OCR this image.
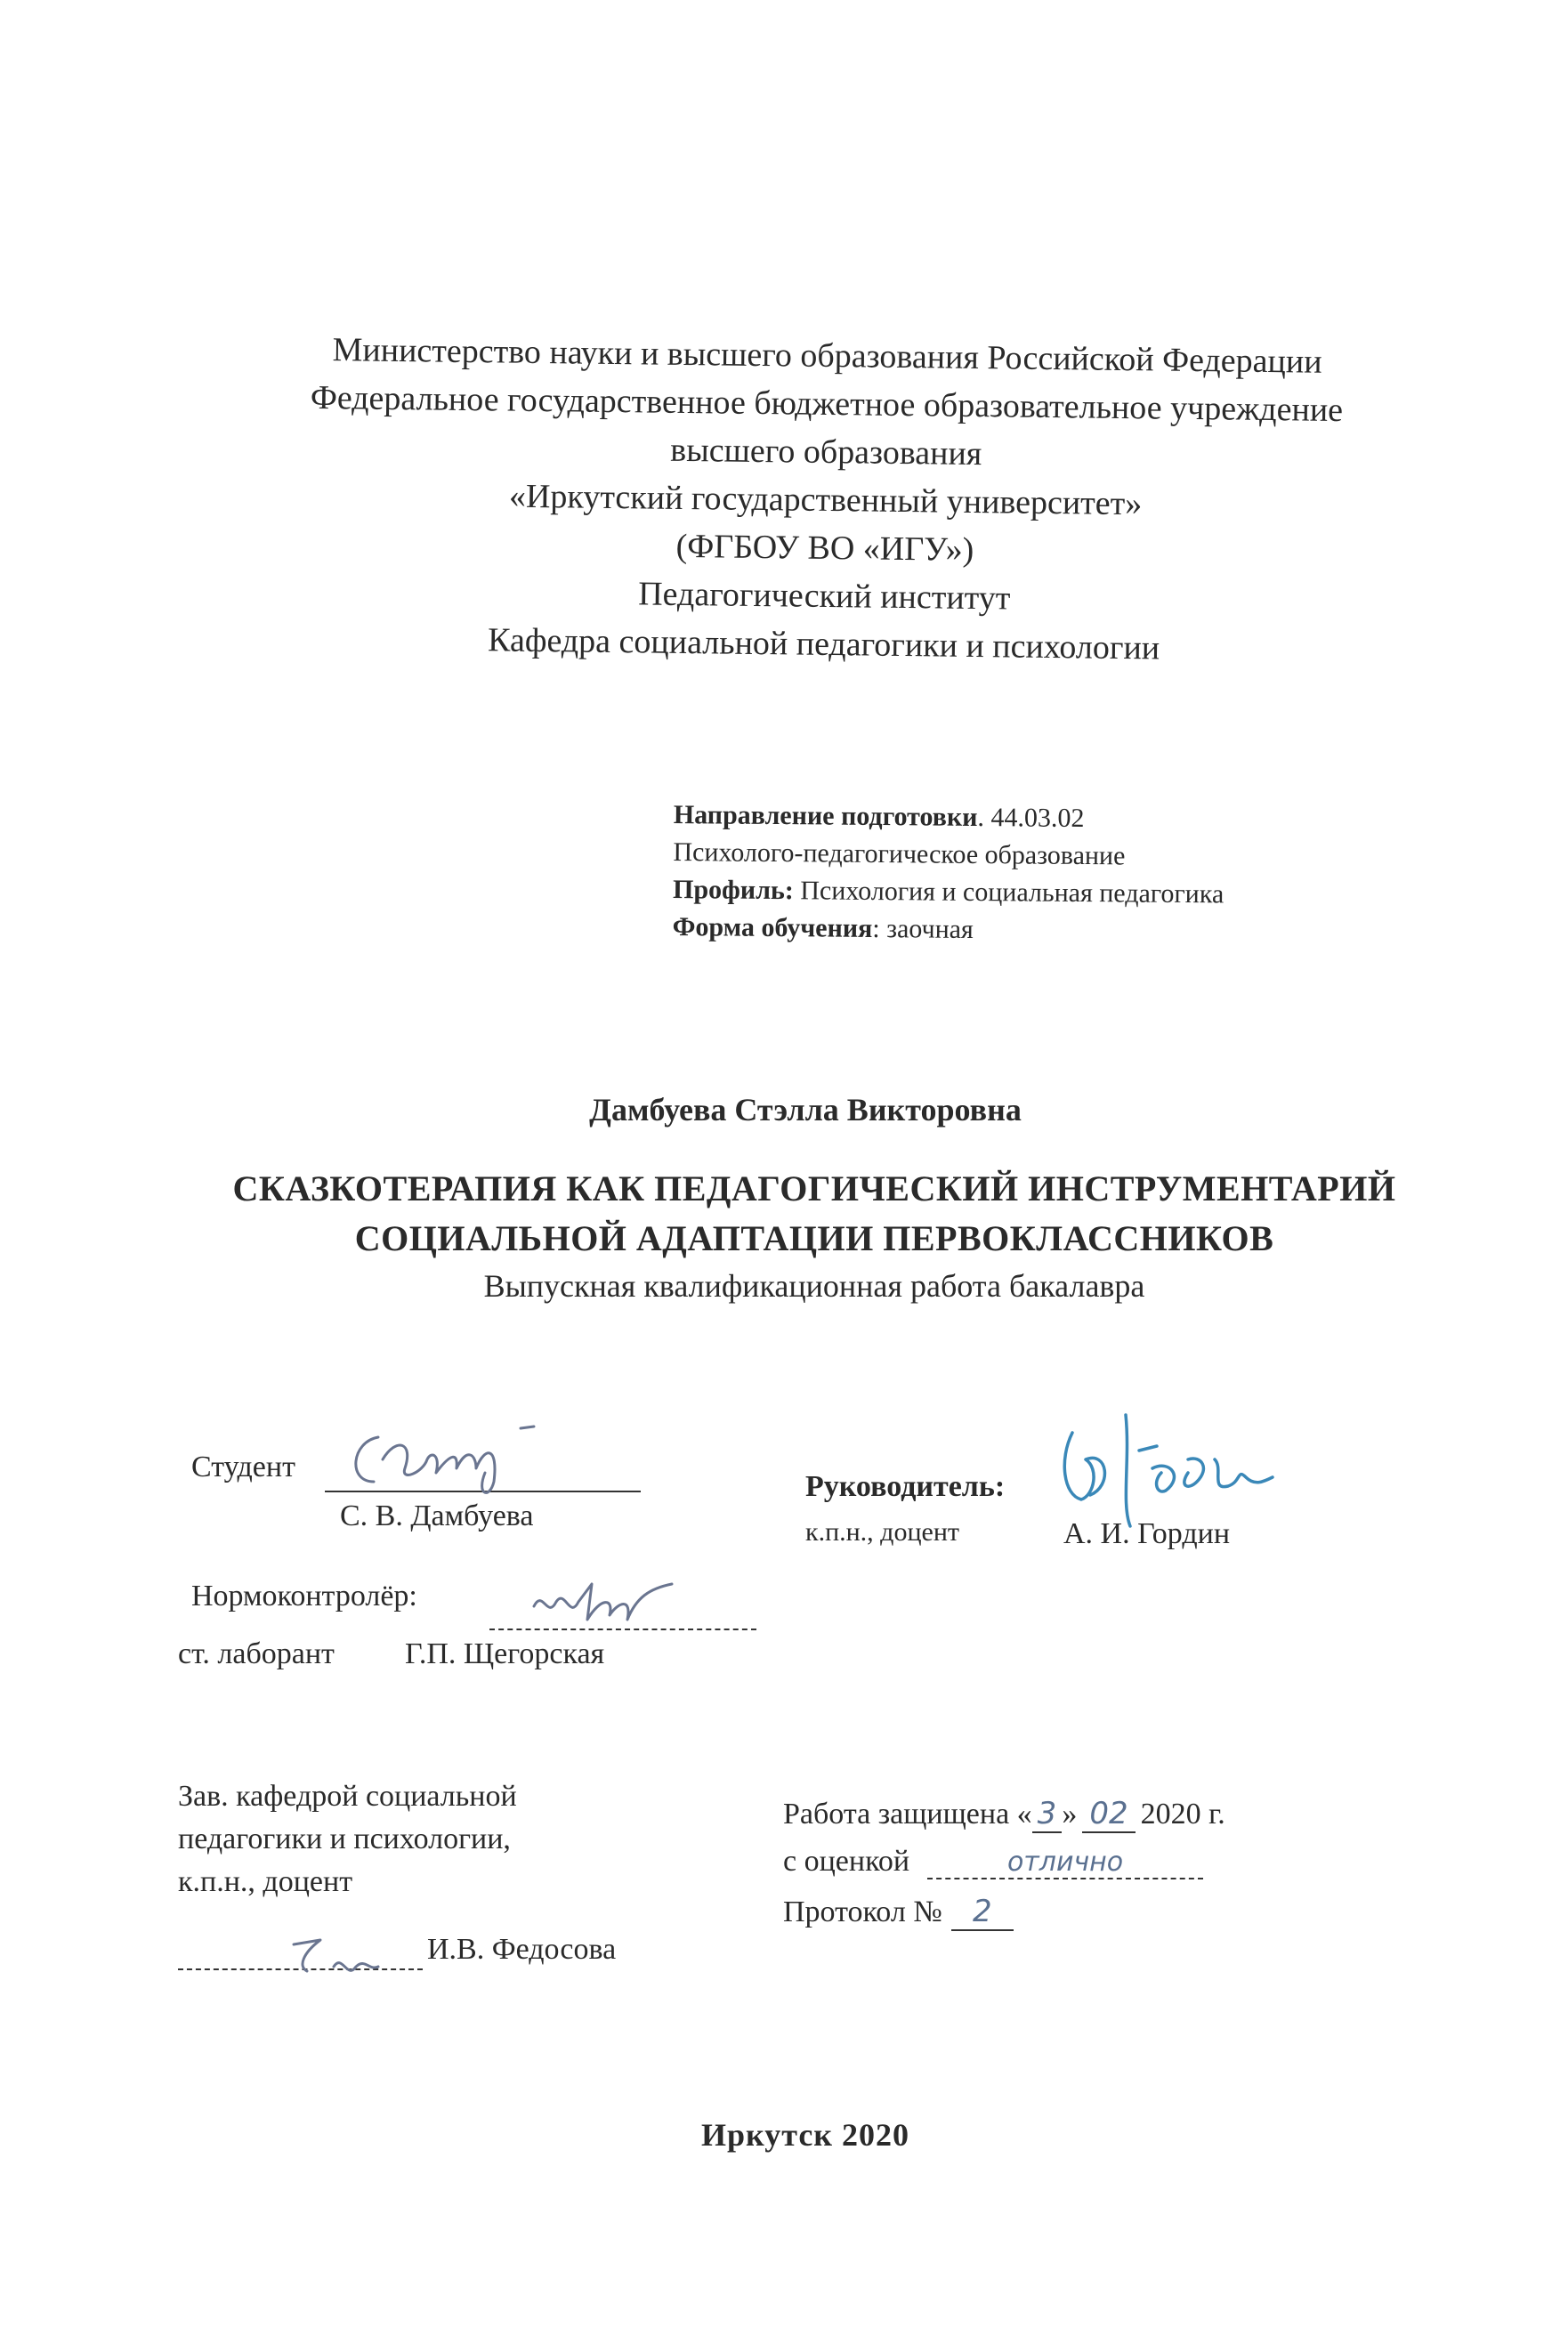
Министерство науки и высшего образования Российской Федерации
Федеральное государственное бюджетное образовательное учреждение
высшего образования
«Иркутский государственный университет»
(ФГБОУ ВО «ИГУ»)
Педагогический институт
Кафедра социальной педагогики и психологии
Направление подготовки. 44.03.02
Психолого-педагогическое образование
Профиль: Психология и социальная педагогика
Форма обучения: заочная
Дамбуева Стэлла Викторовна
СКАЗКОТЕРАПИЯ КАК ПЕДАГОГИЧЕСКИЙ ИНСТРУМЕНТАРИЙ
СОЦИАЛЬНОЙ АДАПТАЦИИ ПЕРВОКЛАССНИКОВ
Выпускная квалификационная работа бакалавра
Студент
С. В. Дамбуева
Руководитель:
к.п.н., доцент	А. И. Гордин
Нормоконтролёр:
ст. лаборант Г.П. Щегорская
Зав. кафедрой социальной
педагогики и психологии,
к.п.н., доцент
И.В. Федосова
Работа защищена « 3 » 02 2020 г.
с оценкой	отлично
Протокол № 2
Иркутск 2020
